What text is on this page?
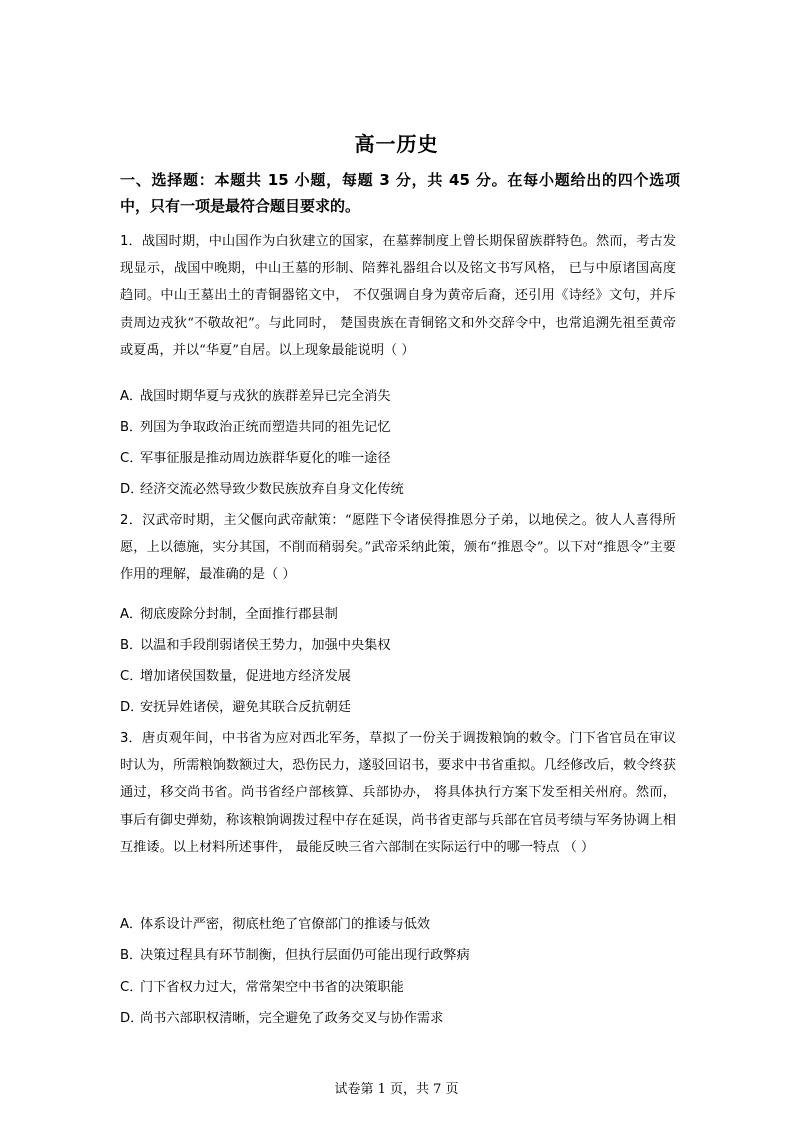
高一历史
一、选择题：本题共 15 小题，每题 3 分，共 45 分。在每小题给出的四个选项中，只有一项是最符合题目要求的。
1．战国时期，中山国作为白狄建立的国家，在墓葬制度上曾长期保留族群特色。然而，考古发现显示，战国中晚期，中山王墓的形制、陪葬礼器组合以及铭文书写风格， 已与中原诸国高度趋同。中山王墓出土的青铜器铭文中， 不仅强调自身为黄帝后裔，还引用《诗经》文句，并斥责周边戎狄“不敬故祀”。与此同时， 楚国贵族在青铜铭文和外交辞令中，也常追溯先祖至黄帝或夏禹，并以“华夏”自居。以上现象最能说明（ ）
A．战国时期华夏与戎狄的族群差异已完全消失
B．列国为争取政治正统而塑造共同的祖先记忆
C．军事征服是推动周边族群华夏化的唯一途径
D．经济交流必然导致少数民族放弃自身文化传统
2．汉武帝时期，主父偃向武帝献策：“愿陛下令诸侯得推恩分子弟，以地侯之。彼人人喜得所愿，上以德施，实分其国，不削而稍弱矣。”武帝采纳此策，颁布“推恩令”。以下对“推恩令”主要作用的理解，最准确的是（ ）
A．彻底废除分封制，全面推行郡县制
B．以温和手段削弱诸侯王势力，加强中央集权
C．增加诸侯国数量，促进地方经济发展
D．安抚异姓诸侯，避免其联合反抗朝廷
3．唐贞观年间，中书省为应对西北军务，草拟了一份关于调拨粮饷的敕令。门下省官员在审议时认为，所需粮饷数额过大，恐伤民力，遂驳回诏书，要求中书省重拟。几经修改后，敕令终获通过，移交尚书省。尚书省经户部核算、兵部协办， 将具体执行方案下发至相关州府。然而， 事后有御史弹劾，称该粮饷调拨过程中存在延误，尚书省吏部与兵部在官员考绩与军务协调上相互推诿。以上材料所述事件， 最能反映三省六部制在实际运行中的哪一特点 （ ）
A．体系设计严密，彻底杜绝了官僚部门的推诿与低效
B．决策过程具有环节制衡，但执行层面仍可能出现行政弊病
C．门下省权力过大，常常架空中书省的决策职能
D．尚书六部职权清晰，完全避免了政务交叉与协作需求
试卷第 1 页，共 7 页
